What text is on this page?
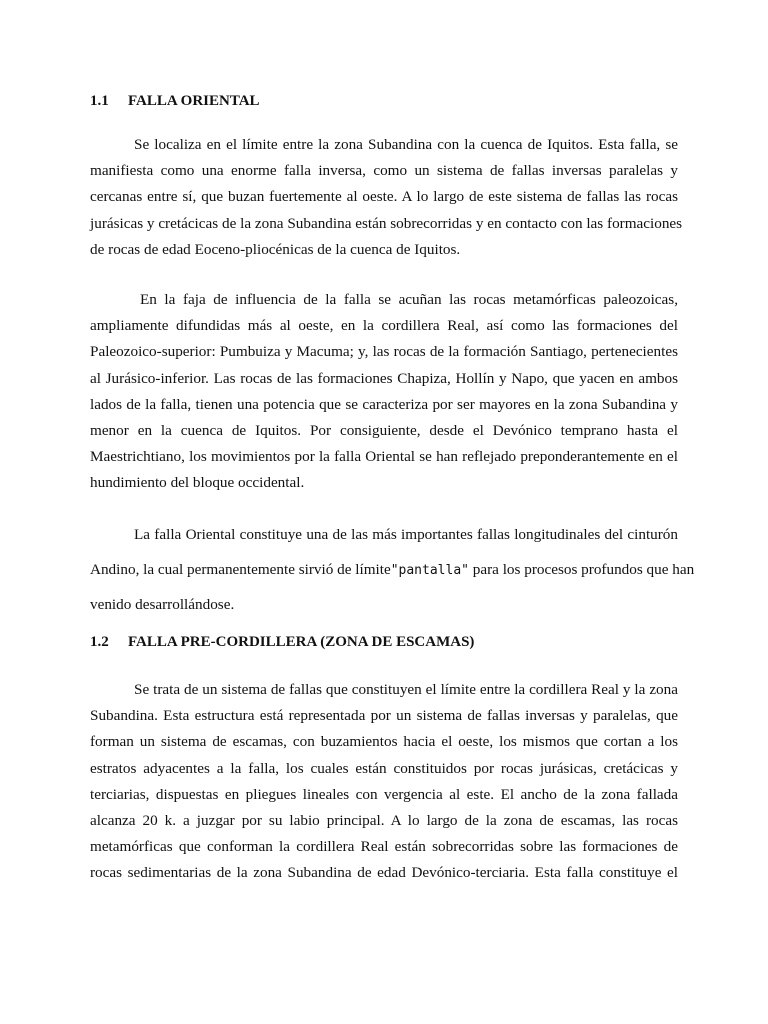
1.1 FALLA ORIENTAL
Se localiza en el límite entre la zona Subandina con la cuenca de Iquitos. Esta falla, se
manifiesta como una enorme falla inversa, como un sistema de fallas inversas paralelas y
cercanas entre sí, que buzan fuertemente al oeste. A lo largo de este sistema de fallas las rocas
jurásicas y cretácicas de la zona Subandina están sobrecorridas y en contacto con las formaciones
de rocas de edad Eoceno-pliocénicas de la cuenca de Iquitos.
En la faja de influencia de la falla se acuñan las rocas metamórficas paleozoicas,
ampliamente difundidas más al oeste, en la cordillera Real, así como las formaciones del
Paleozoico-superior: Pumbuiza y Macuma; y, las rocas de la formación Santiago, pertenecientes
al Jurásico-inferior. Las rocas de las formaciones Chapiza, Hollín y Napo, que yacen en ambos
lados de la falla, tienen una potencia que se caracteriza por ser mayores en la zona Subandina y
menor en la cuenca de Iquitos. Por consiguiente, desde el Devónico temprano hasta el
Maestrichtiano, los movimientos por la falla Oriental se han reflejado preponderantemente en el
hundimiento del bloque occidental.
La falla Oriental constituye una de las más importantes fallas longitudinales del cinturón
Andino, la cual permanentemente sirvió de límite"pantalla" para los procesos profundos que han
venido desarrollándose.
1.2 FALLA PRE-CORDILLERA (ZONA DE ESCAMAS)
Se trata de un sistema de fallas que constituyen el límite entre la cordillera Real y la zona
Subandina. Esta estructura está representada por un sistema de fallas inversas y paralelas, que
forman un sistema de escamas, con buzamientos hacia el oeste, los mismos que cortan a los
estratos adyacentes a la falla, los cuales están constituidos por rocas jurásicas, cretácicas y
terciarias, dispuestas en pliegues lineales con vergencia al este. El ancho de la zona fallada
alcanza 20 k. a juzgar por su labio principal. A lo largo de la zona de escamas, las rocas
metamórficas que conforman la cordillera Real están sobrecorridas sobre las formaciones de
rocas sedimentarias de la zona Subandina de edad Devónico-terciaria. Esta falla constituye el
